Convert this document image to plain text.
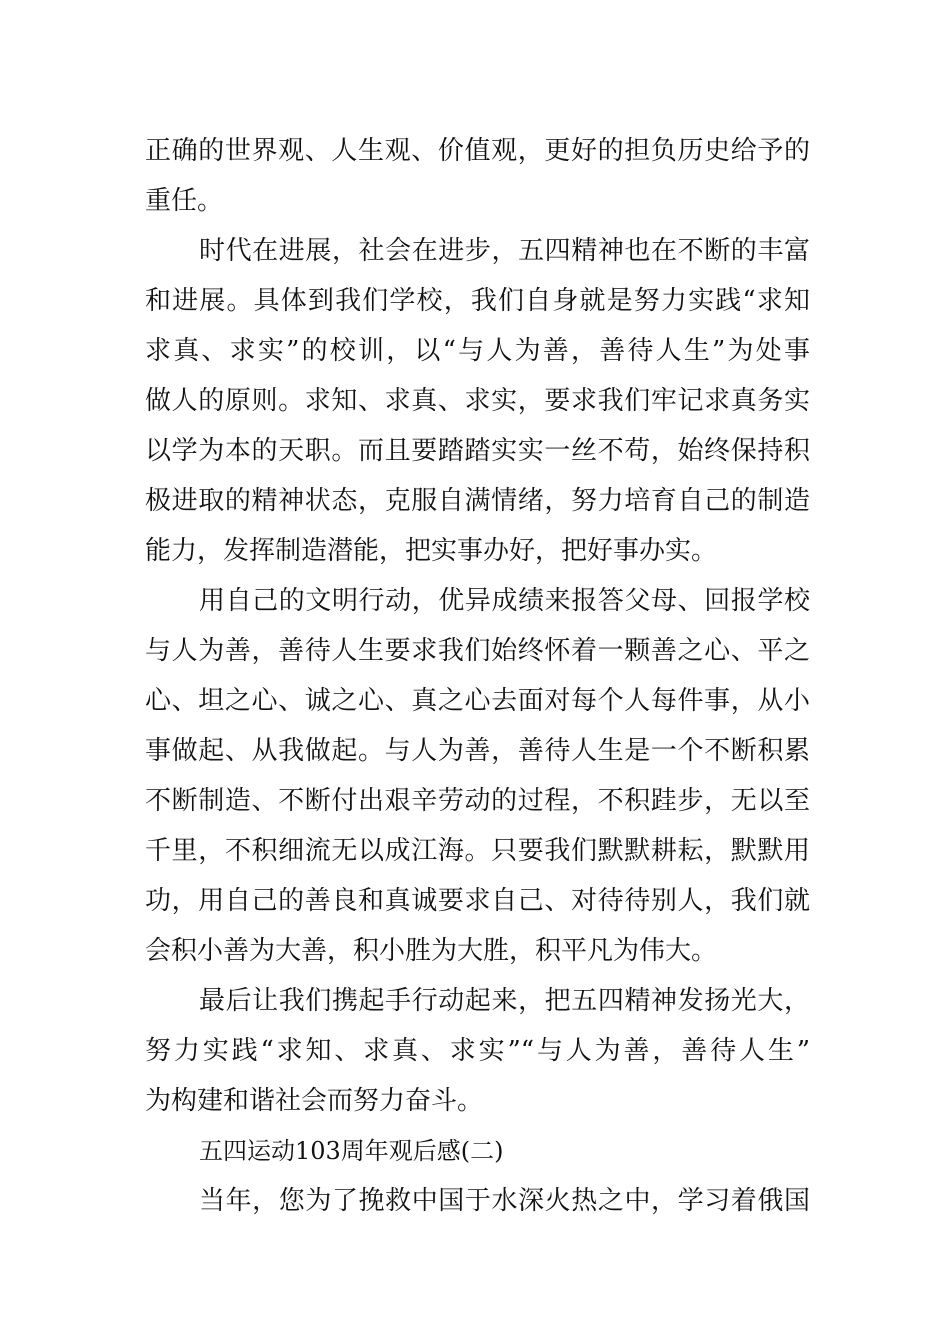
正确的世界观、人生观、价值观，更好的担负历史给予的
重任。
时代在进展，社会在进步，五四精神也在不断的丰富
和进展。具体到我们学校，我们自身就是努力实践“求知
求真、求实”的校训，以“与人为善，善待人生”为处事
做人的原则。求知、求真、求实，要求我们牢记求真务实
以学为本的天职。而且要踏踏实实一丝不苟，始终保持积
极进取的精神状态，克服自满情绪，努力培育自己的制造
能力，发挥制造潜能，把实事办好，把好事办实。
用自己的文明行动，优异成绩来报答父母、回报学校
与人为善，善待人生要求我们始终怀着一颗善之心、平之
心、坦之心、诚之心、真之心去面对每个人每件事，从小
事做起、从我做起。与人为善，善待人生是一个不断积累
不断制造、不断付出艰辛劳动的过程，不积跬步，无以至
千里，不积细流无以成江海。只要我们默默耕耘，默默用
功，用自己的善良和真诚要求自己、对待待别人，我们就
会积小善为大善，积小胜为大胜，积平凡为伟大。
最后让我们携起手行动起来，把五四精神发扬光大，
努力实践“求知、求真、求实”“与人为善，善待人生”
为构建和谐社会而努力奋斗。
五四运动103周年观后感(二)
当年，您为了挽救中国于水深火热之中，学习着俄国
